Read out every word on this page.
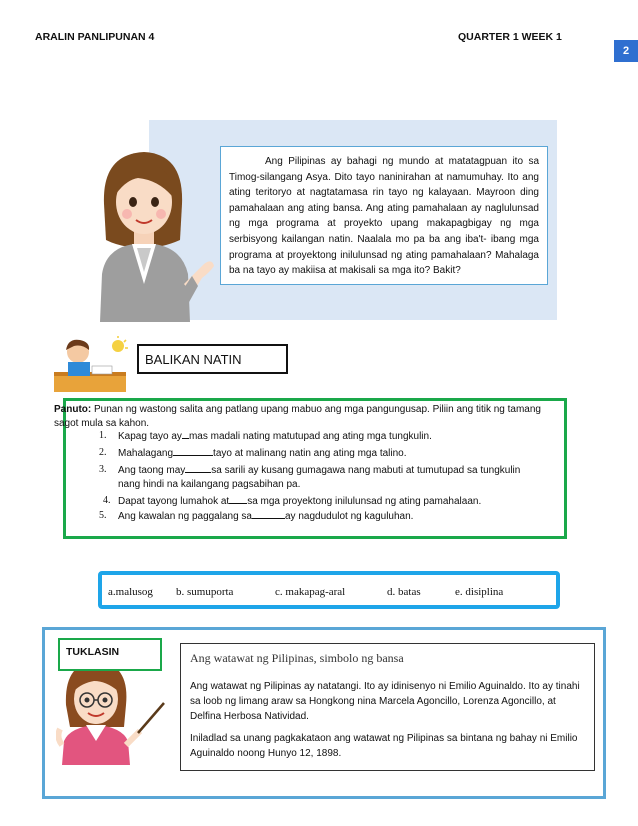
ARALIN PANLIPUNAN 4	QUARTER 1 WEEK 1
2
Ang Pilipinas ay bahagi ng mundo at matatagpuan ito sa Timog-silangang Asya. Dito tayo naninirahan at namumuhay. Ito ang ating teritoryo at nagtatamasa rin tayo ng kalayaan. Mayroon ding pamahalaan ang ating bansa. Ang ating pamahalaan ay naglulunsad ng mga programa at proyekto upang makapagbigay ng mga serbisyong kailangan natin. Naalala mo pa ba ang iba't- ibang mga programa at proyektong inilulunsad ng ating pamahalaan? Mahalaga ba na tayo ay makiisa at makisali sa mga ito? Bakit?
BALIKAN NATIN
Panuto: Punan ng wastong salita ang patlang upang mabuo ang mga pangungusap. Piliin ang titik ng tamang sagot mula sa kahon.
1. Kapag tayo ay mas madali nating matutupad ang ating mga tungkulin.
2. Mahalagang	tayo at malinang natin ang ating mga talino.
3. Ang taong may	sa sarili ay kusang gumagawa nang mabuti at tumutupad sa tungkulin
nang hindi na kailangang pagsabihan pa.
4. Dapat tayong lumahok at sa mga proyektong inilulunsad ng ating pamahalaan.
5. Ang kawalan ng paggalang sa	ay nagdudulot ng kaguluhan.
a.malusog b. sumuporta	c. makapag-aral	d. batas	e. disiplina
TUKLASIN	Ang watawat ng Pilipinas, simbolo ng bansa
Ang watawat ng Pilipinas ay natatangi. Ito ay idinisenyo ni Emilio Aguinaldo. Ito ay tinahi sa loob ng limang araw sa Hongkong nina Marcela Agoncillo, Lorenza Agoncillo, at Delfina Herbosa Natividad.
Iniladlad sa unang pagkakataon ang watawat ng Pilipinas sa bintana ng bahay ni Emilio Aguinaldo noong Hunyo 12, 1898.
